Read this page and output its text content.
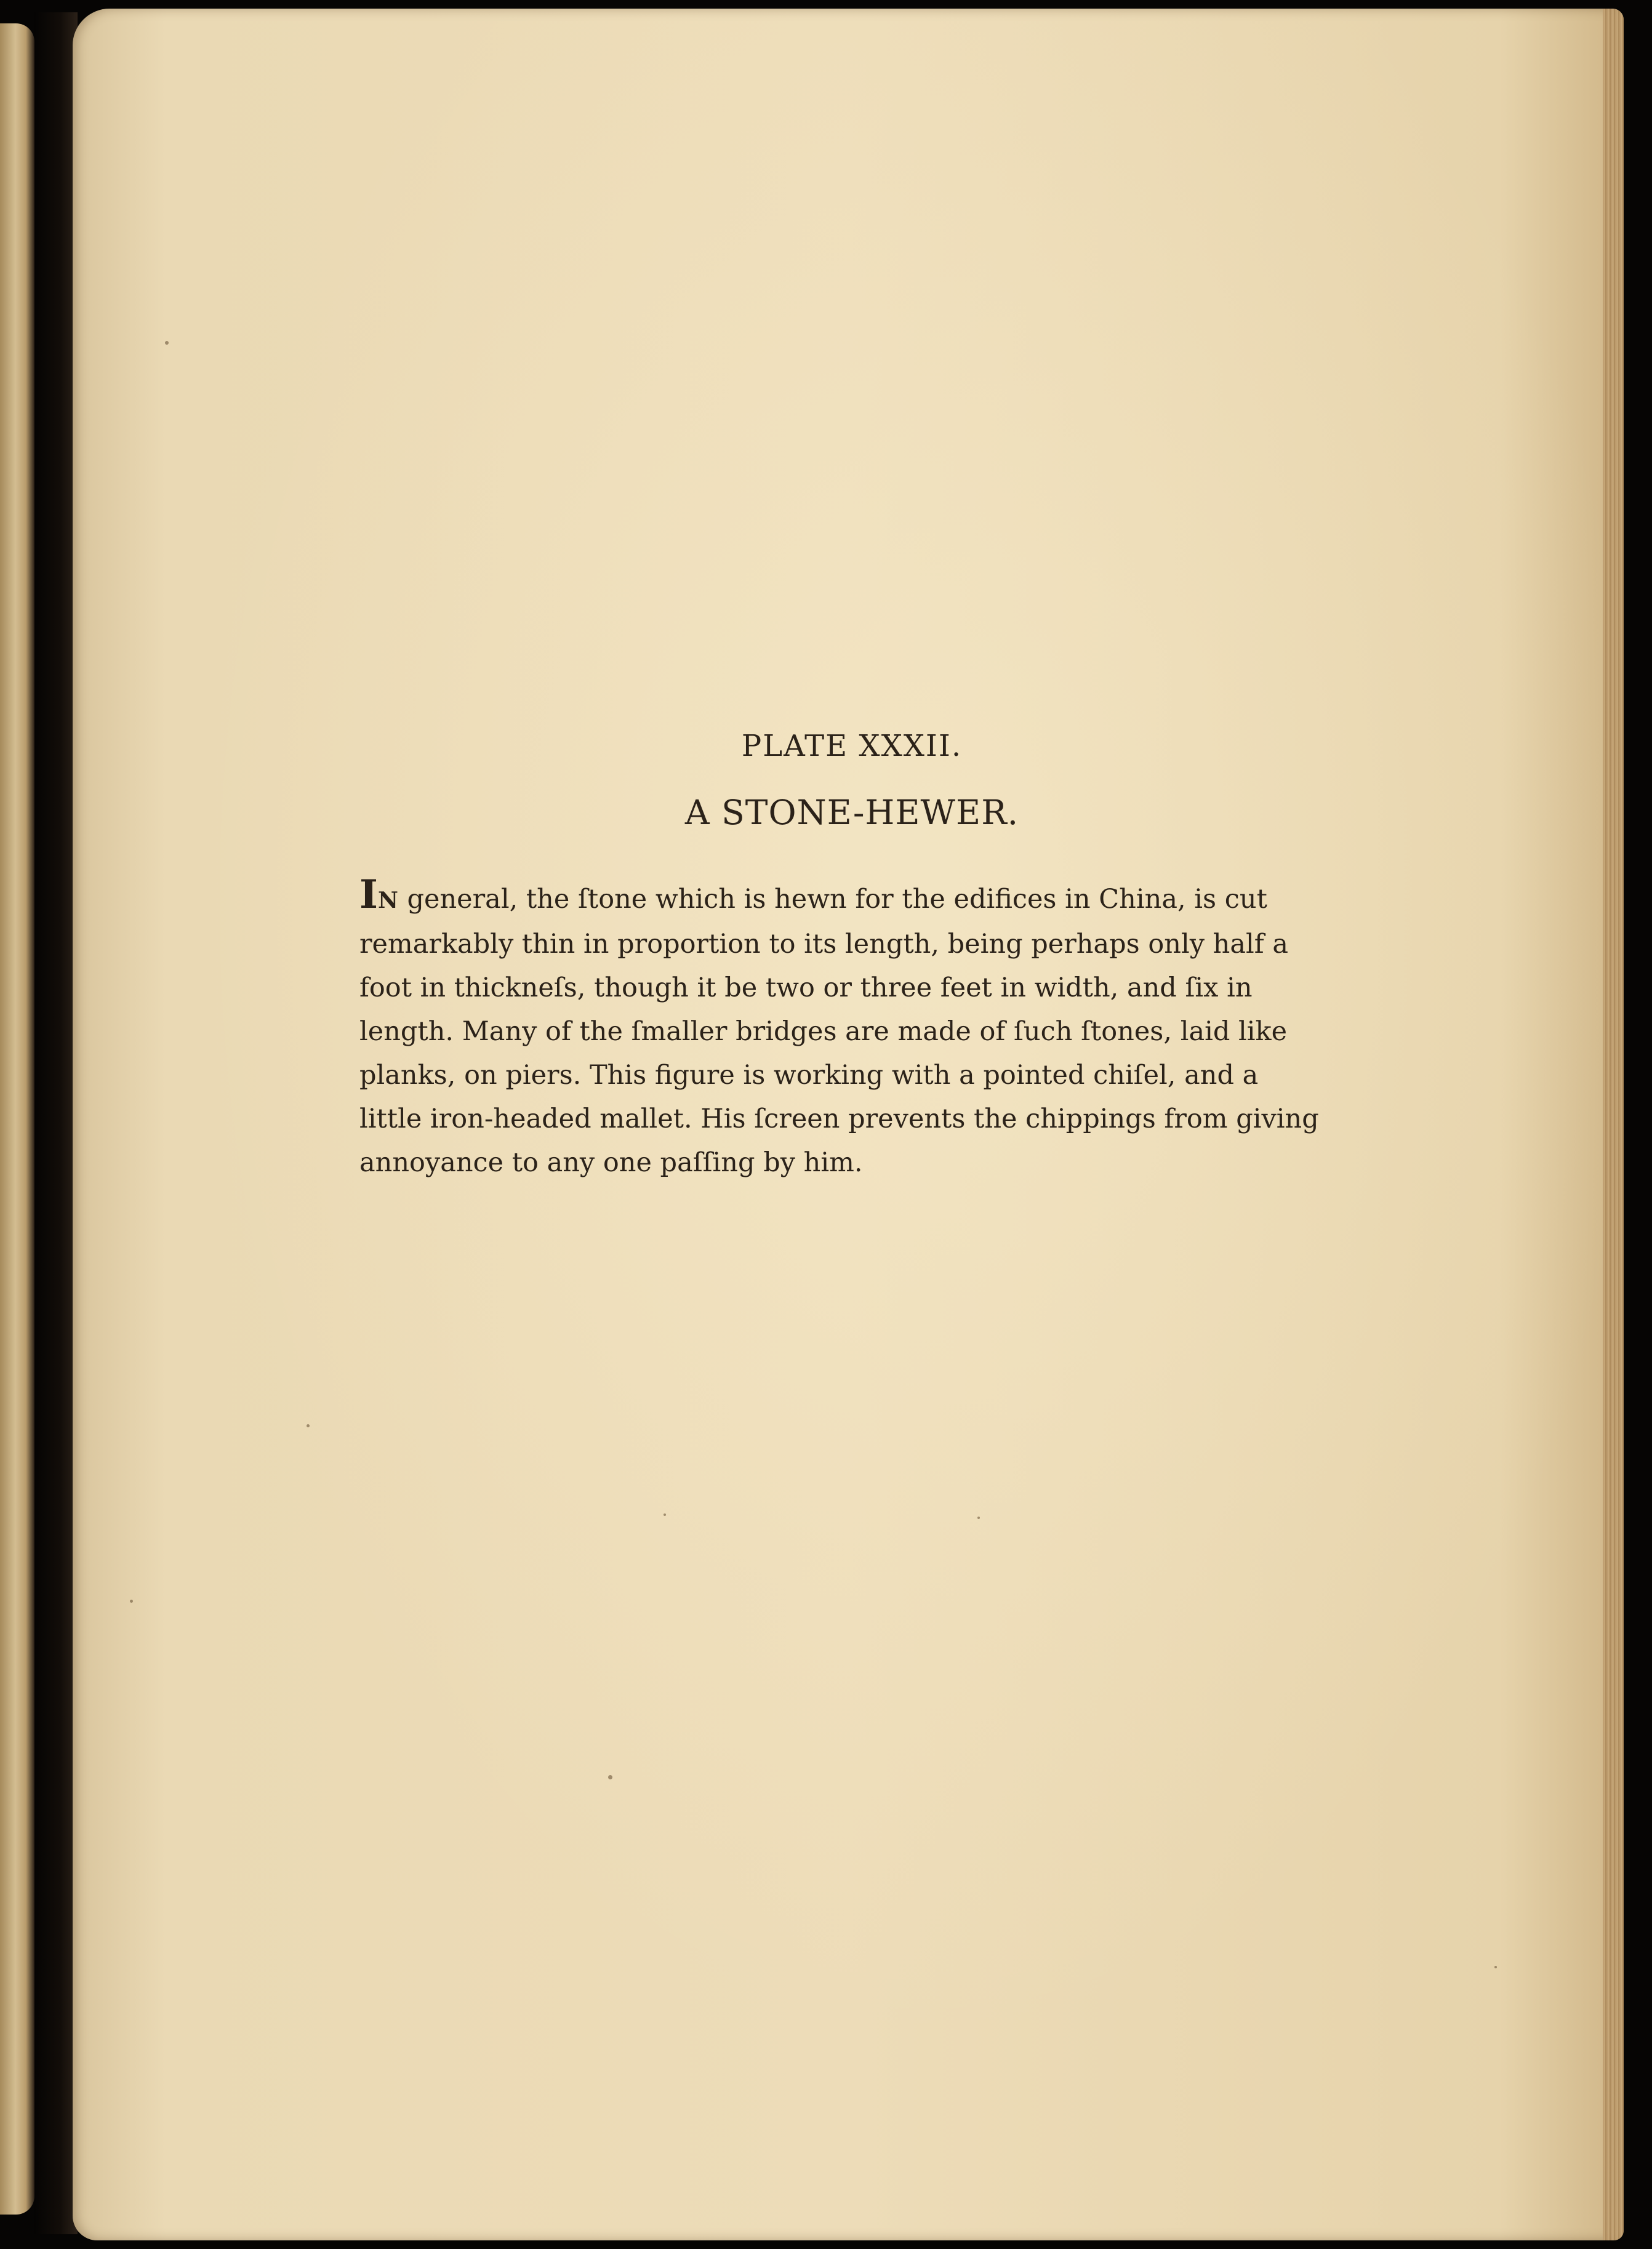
PLATE XXXII.
A STONE-HEWER.

IN general, the ſtone which is hewn for the edifices in China, is cut
remarkably thin in proportion to its length, being perhaps only half a
foot in thickneſs, though it be two or three feet in width, and ſix in
length. Many of the ſmaller bridges are made of ſuch ſtones, laid like
planks, on piers. This figure is working with a pointed chiſel, and a
little iron-headed mallet. His ſcreen prevents the chippings from giving
annoyance to any one paſſing by him.
